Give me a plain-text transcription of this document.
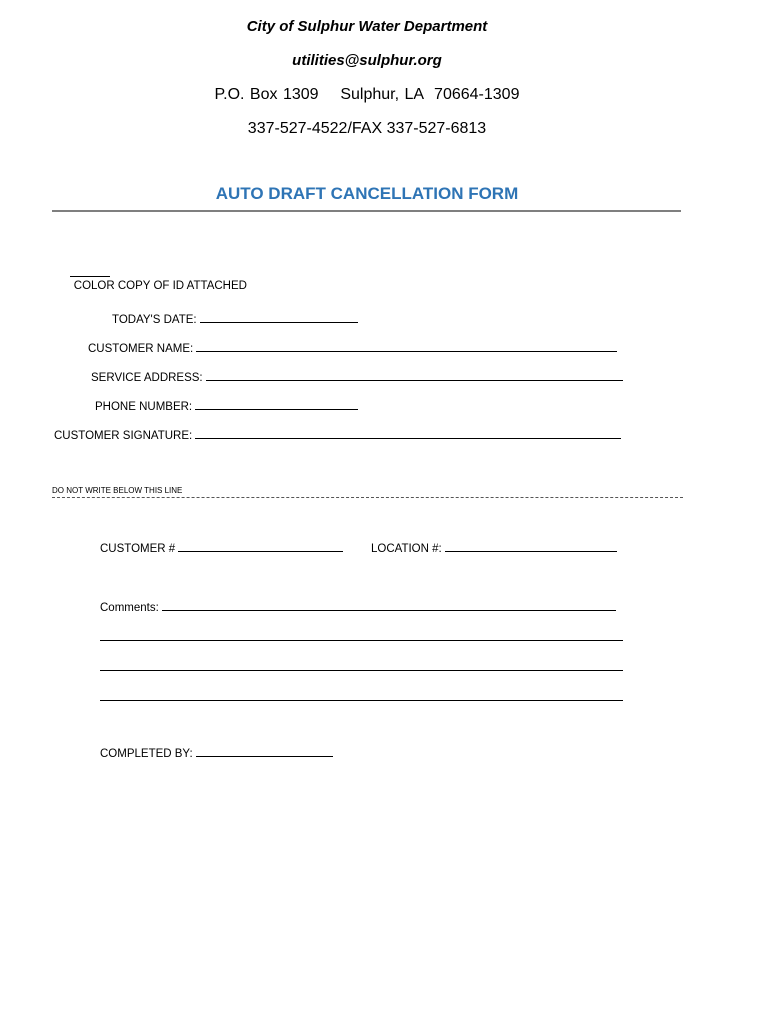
City of Sulphur Water Department
utilities@sulphur.org
P.O. Box 1309    Sulphur, LA  70664-1309
337-527-4522/FAX 337-527-6813
AUTO DRAFT CANCELLATION FORM

COLOR COPY OF ID ATTACHED

TODAY'S DATE:
CUSTOMER NAME:
SERVICE ADDRESS:
PHONE NUMBER:
CUSTOMER SIGNATURE:
DO NOT WRITE BELOW THIS LINE
CUSTOMER #	LOCATION #:
Comments:
COMPLETED BY:
